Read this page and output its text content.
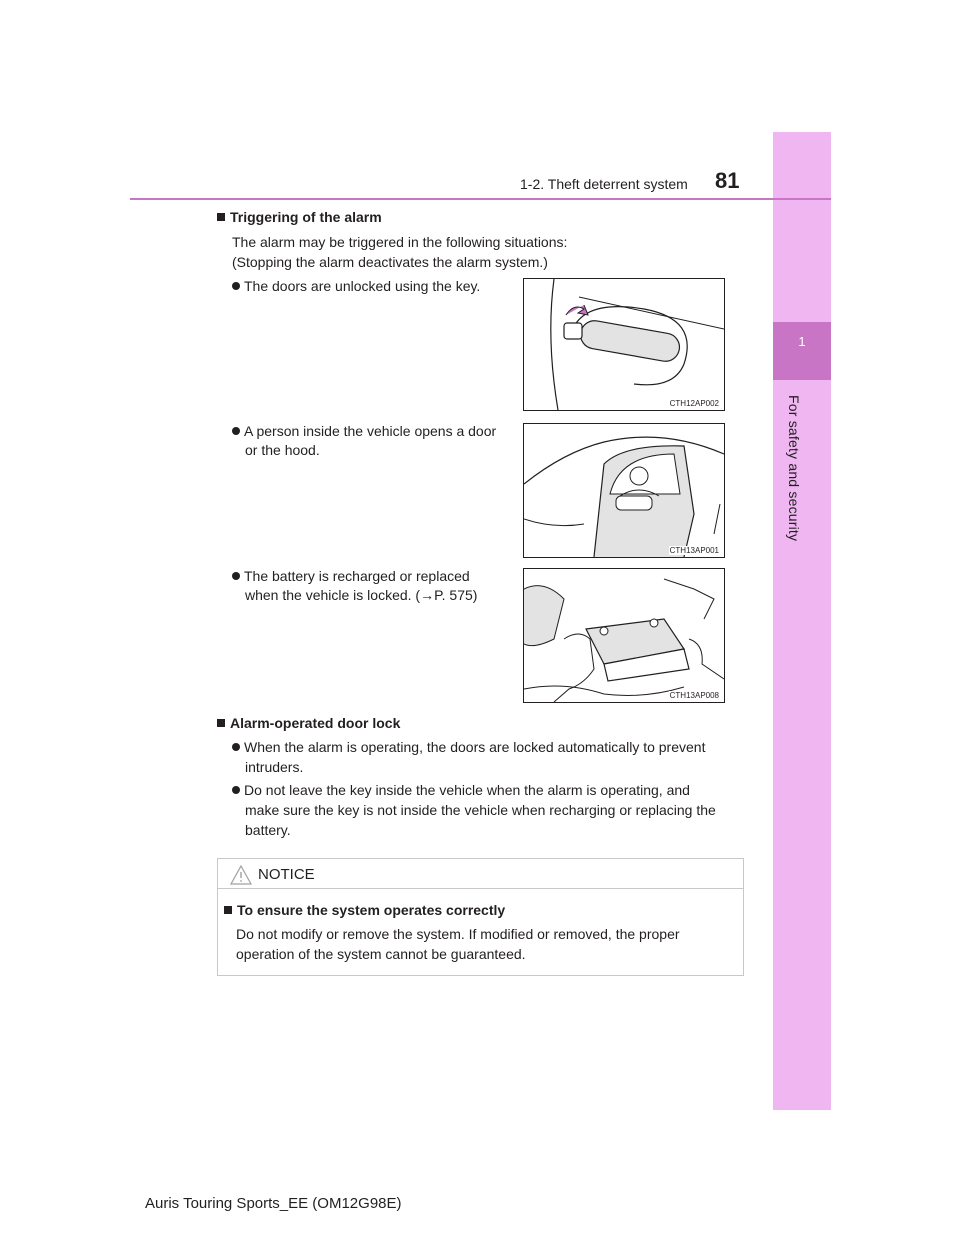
1
For safety and security
1-2. Theft deterrent system 81
Triggering of the alarm
The alarm may be triggered in the following situations:
(Stopping the alarm deactivates the alarm system.)
The doors are unlocked using the key.
CTH12AP002
A person inside the vehicle opens a door
or the hood.
CTH13AP001
The battery is recharged or replaced
when the vehicle is locked. (→P. 575)
CTH13AP008
Alarm-operated door lock
When the alarm is operating, the doors are locked automatically to prevent
intruders.
Do not leave the key inside the vehicle when the alarm is operating, and
make sure the key is not inside the vehicle when recharging or replacing the
battery.
NOTICE
To ensure the system operates correctly
Do not modify or remove the system. If modified or removed, the proper
operation of the system cannot be guaranteed.
Auris Touring Sports_EE (OM12G98E)
